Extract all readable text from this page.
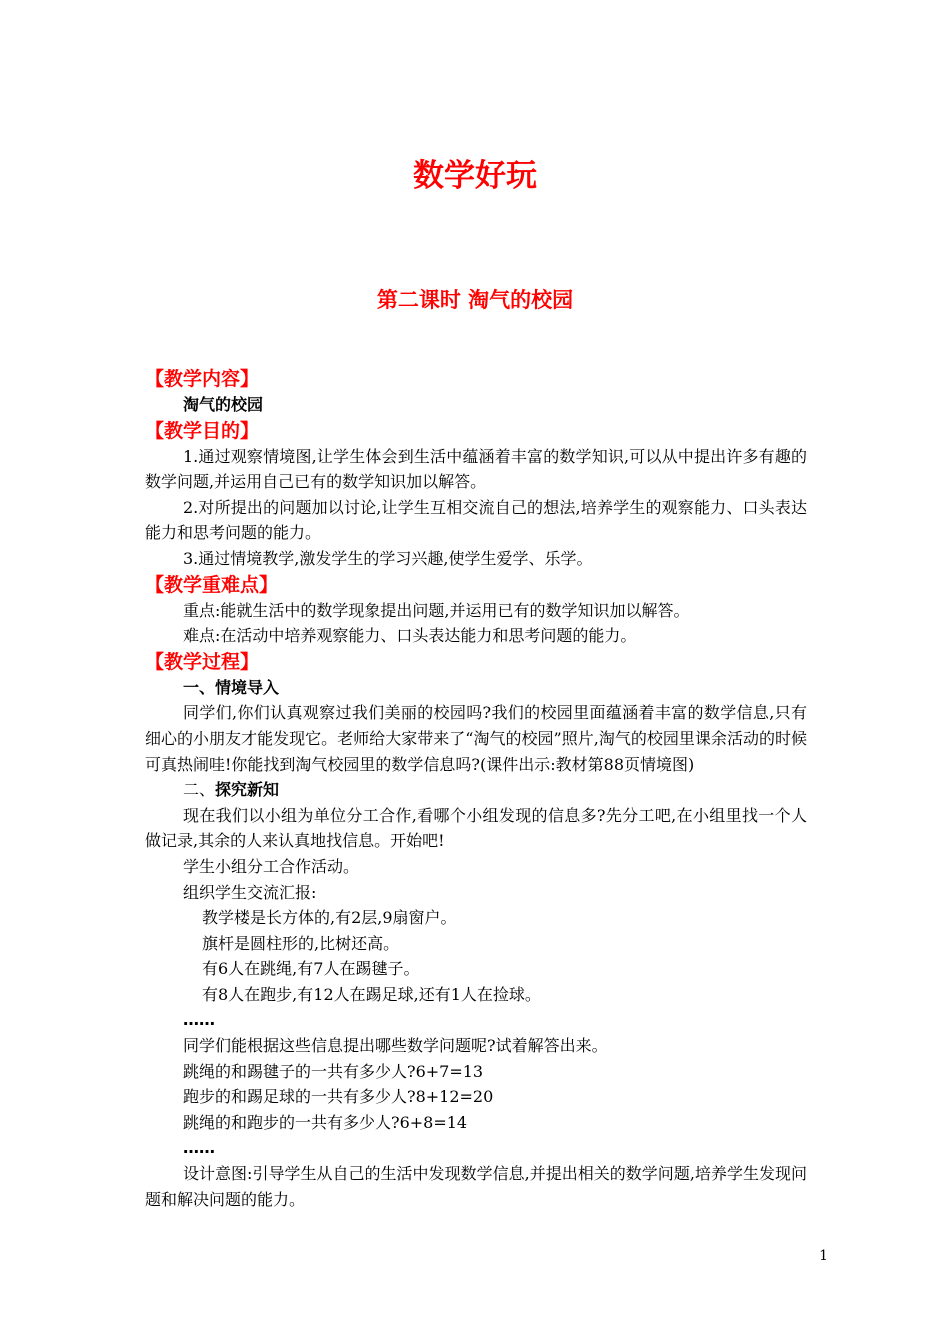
数学好玩
第二课时 淘气的校园
【教学内容】
淘气的校园
【教学目的】
1.通过观察情境图,让学生体会到生活中蕴涵着丰富的数学知识,可以从中提出许多有趣的数学问题,并运用自己已有的数学知识加以解答。
2.对所提出的问题加以讨论,让学生互相交流自己的想法,培养学生的观察能力、口头表达能力和思考问题的能力。
3.通过情境教学,激发学生的学习兴趣,使学生爱学、乐学。
【教学重难点】
重点:能就生活中的数学现象提出问题,并运用已有的数学知识加以解答。
难点:在活动中培养观察能力、口头表达能力和思考问题的能力。
【教学过程】
一、情境导入
同学们,你们认真观察过我们美丽的校园吗?我们的校园里面蕴涵着丰富的数学信息,只有细心的小朋友才能发现它。老师给大家带来了“淘气的校园”照片,淘气的校园里课余活动的时候可真热闹哇!你能找到淘气校园里的数学信息吗?(课件出示:教材第88页情境图)
二、探究新知
现在我们以小组为单位分工合作,看哪个小组发现的信息多?先分工吧,在小组里找一个人做记录,其余的人来认真地找信息。开始吧!
学生小组分工合作活动。
组织学生交流汇报:
教学楼是长方体的,有2层,9扇窗户。
旗杆是圆柱形的,比树还高。
有6人在跳绳,有7人在踢毽子。
有8人在跑步,有12人在踢足球,还有1人在捡球。
……
同学们能根据这些信息提出哪些数学问题呢?试着解答出来。
跳绳的和踢毽子的一共有多少人?6+7=13
跑步的和踢足球的一共有多少人?8+12=20
跳绳的和跑步的一共有多少人?6+8=14
……
设计意图:引导学生从自己的生活中发现数学信息,并提出相关的数学问题,培养学生发现问题和解决问题的能力。
1
